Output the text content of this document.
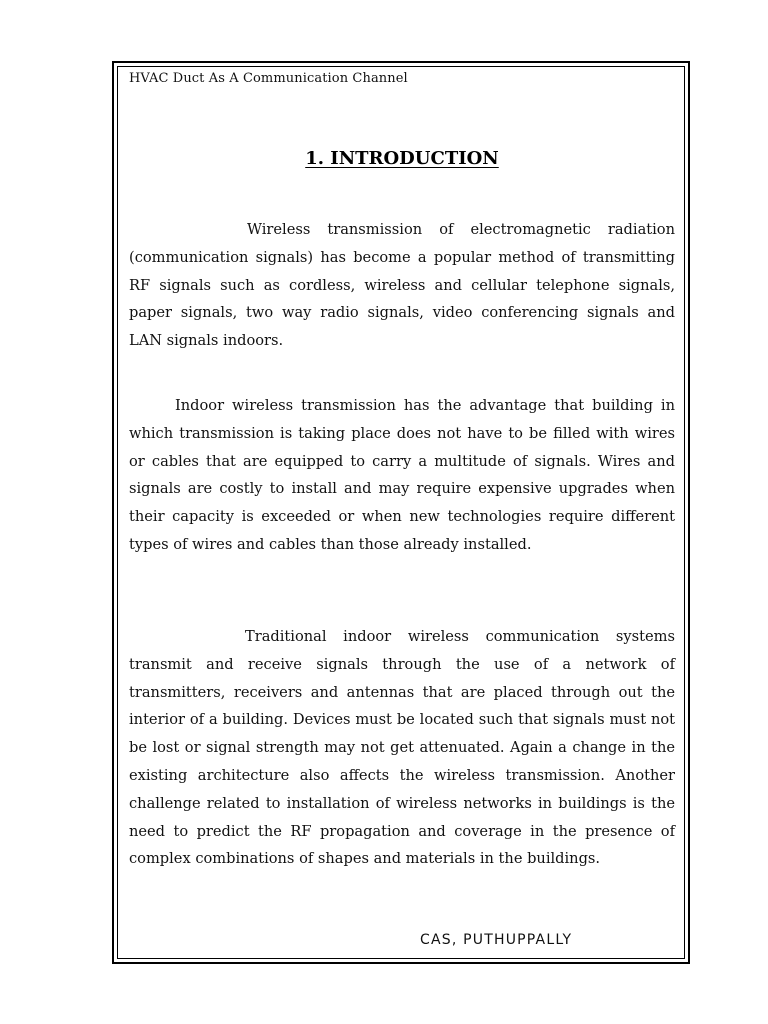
HVAC Duct As A Communication Channel
1. INTRODUCTION

Wireless transmission of electromagnetic radiation (communication signals) has become a popular method of transmitting RF signals such as cordless, wireless and cellular telephone signals, paper signals, two way radio signals, video conferencing signals and LAN signals indoors.

Indoor wireless transmission has the advantage that building in which transmission is taking place does not have to be filled with wires or cables that are equipped to carry a multitude of signals. Wires and signals are costly to install and may require expensive upgrades when their capacity is exceeded or when new technologies require different types of wires and cables than those already installed.

Traditional indoor wireless communication systems transmit and receive signals through the use of a network of transmitters, receivers and antennas that are placed through out the interior of a building. Devices must be located such that signals must not be lost or signal strength may not get attenuated. Again a change in the existing architecture also affects the wireless transmission. Another challenge related to installation of wireless networks in buildings is the need to predict the RF propagation and coverage in the presence of complex combinations of shapes and materials in the buildings.

CAS, PUTHUPPALLY
